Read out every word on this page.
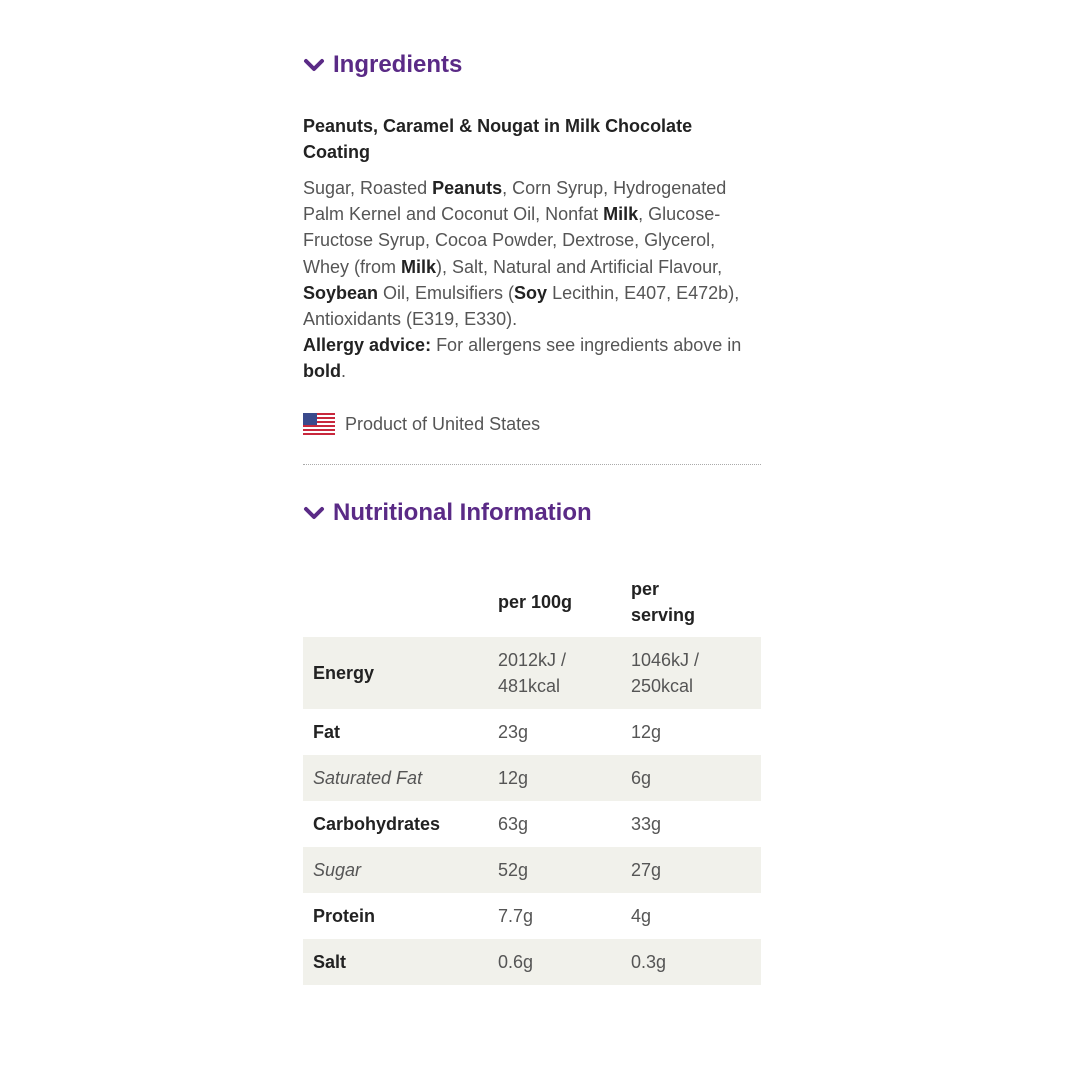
Ingredients
Peanuts, Caramel & Nougat in Milk Chocolate Coating
Sugar, Roasted Peanuts, Corn Syrup, Hydrogenated Palm Kernel and Coconut Oil, Nonfat Milk, Glucose-Fructose Syrup, Cocoa Powder, Dextrose, Glycerol, Whey (from Milk), Salt, Natural and Artificial Flavour, Soybean Oil, Emulsifiers (Soy Lecithin, E407, E472b), Antioxidants (E319, E330).
Allergy advice: For allergens see ingredients above in bold.
Product of United States
Nutritional Information
	per 100g	per serving
Energy	2012kJ / 481kcal	1046kJ / 250kcal
Fat	23g	12g
Saturated Fat	12g	6g
Carbohydrates	63g	33g
Sugar	52g	27g
Protein	7.7g	4g
Salt	0.6g	0.3g
